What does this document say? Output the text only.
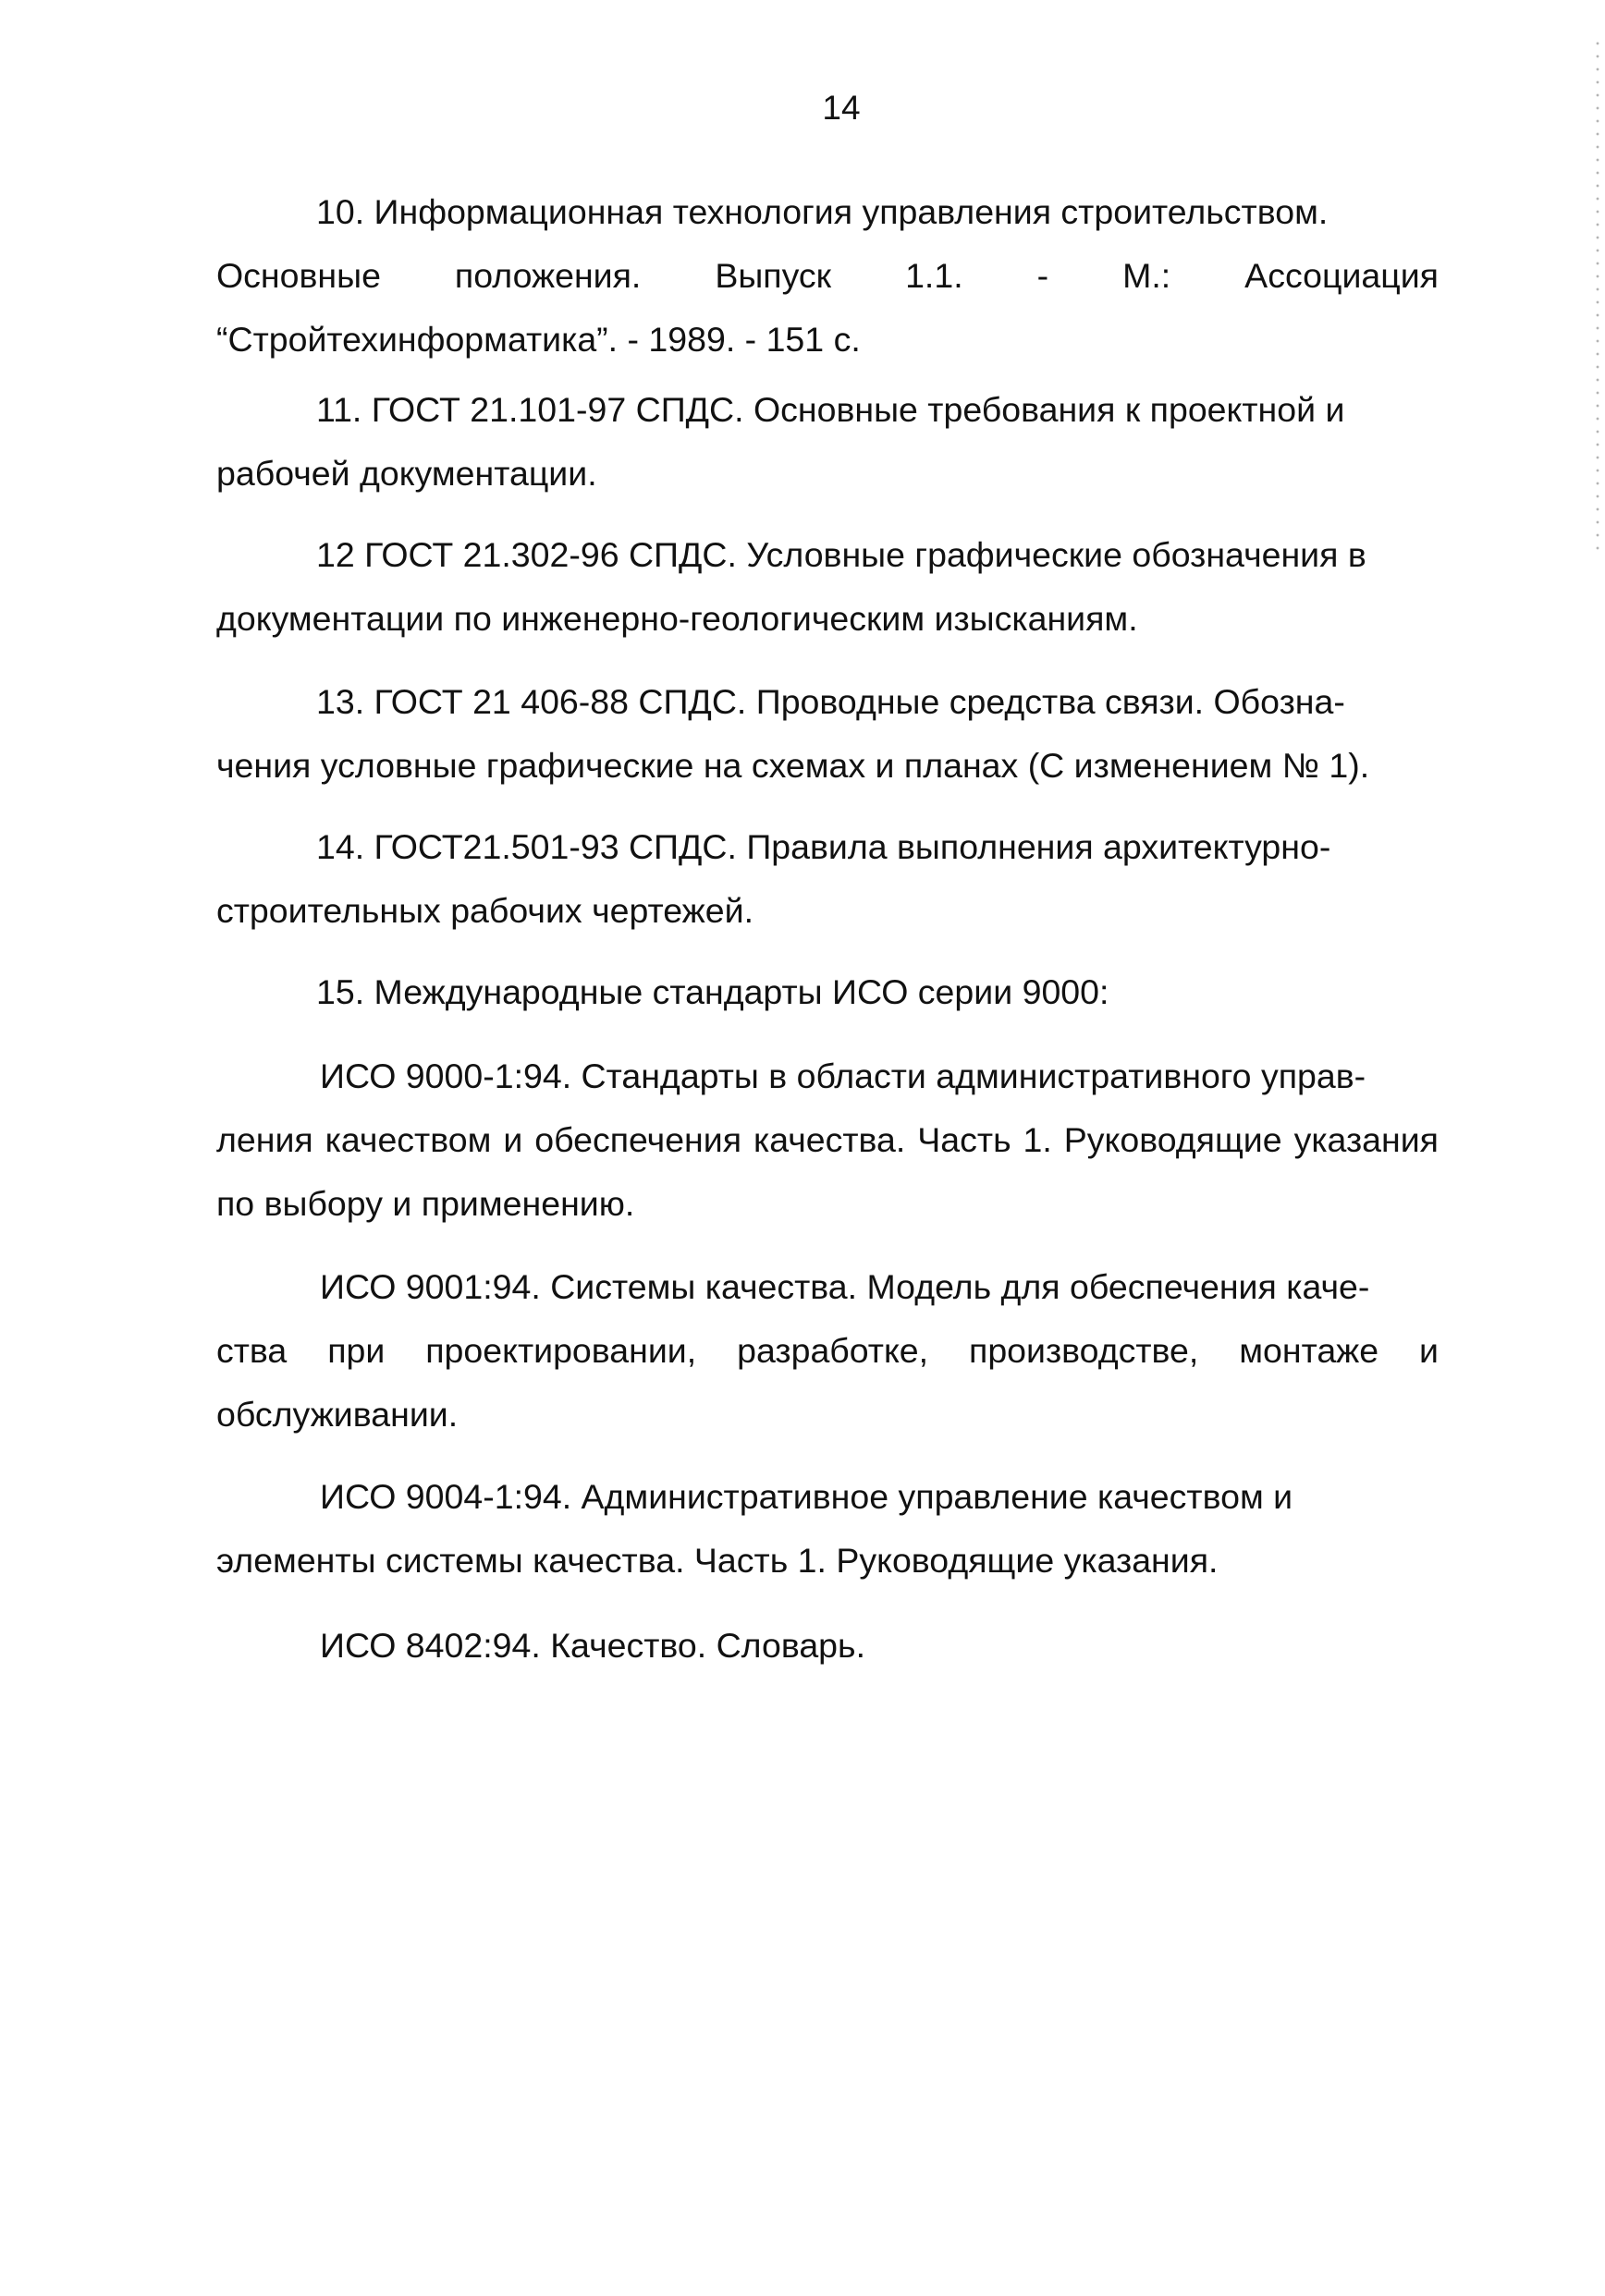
14

10. Информационная технология управления строительством.
Основные положения. Выпуск 1.1. - М.: Ассоциация “Стройтехинформатика”. - 1989. - 151 с.

11. ГОСТ 21.101-97 СПДС. Основные требования к проектной и
рабочей документации.

12 ГОСТ 21.302-96 СПДС. Условные графические обозначения в
документации по инженерно-геологическим изысканиям.

13. ГОСТ 21 406-88 СПДС. Проводные средства связи. Обозна-
чения условные графические на схемах и планах (С изменением № 1).

14. ГОСТ21.501-93 СПДС. Правила выполнения архитектурно-
строительных рабочих чертежей.

15. Международные стандарты ИСО серии 9000:

ИСО 9000-1:94. Стандарты в области административного управ-
ления качеством и обеспечения качества. Часть 1. Руководящие указания по выбору и применению.

ИСО 9001:94. Системы качества. Модель для обеспечения каче-
ства при проектировании, разработке, производстве, монтаже и обслуживании.

ИСО 9004-1:94. Административное управление качеством и
элементы системы качества. Часть 1. Руководящие указания.

ИСО 8402:94. Качество. Словарь.
